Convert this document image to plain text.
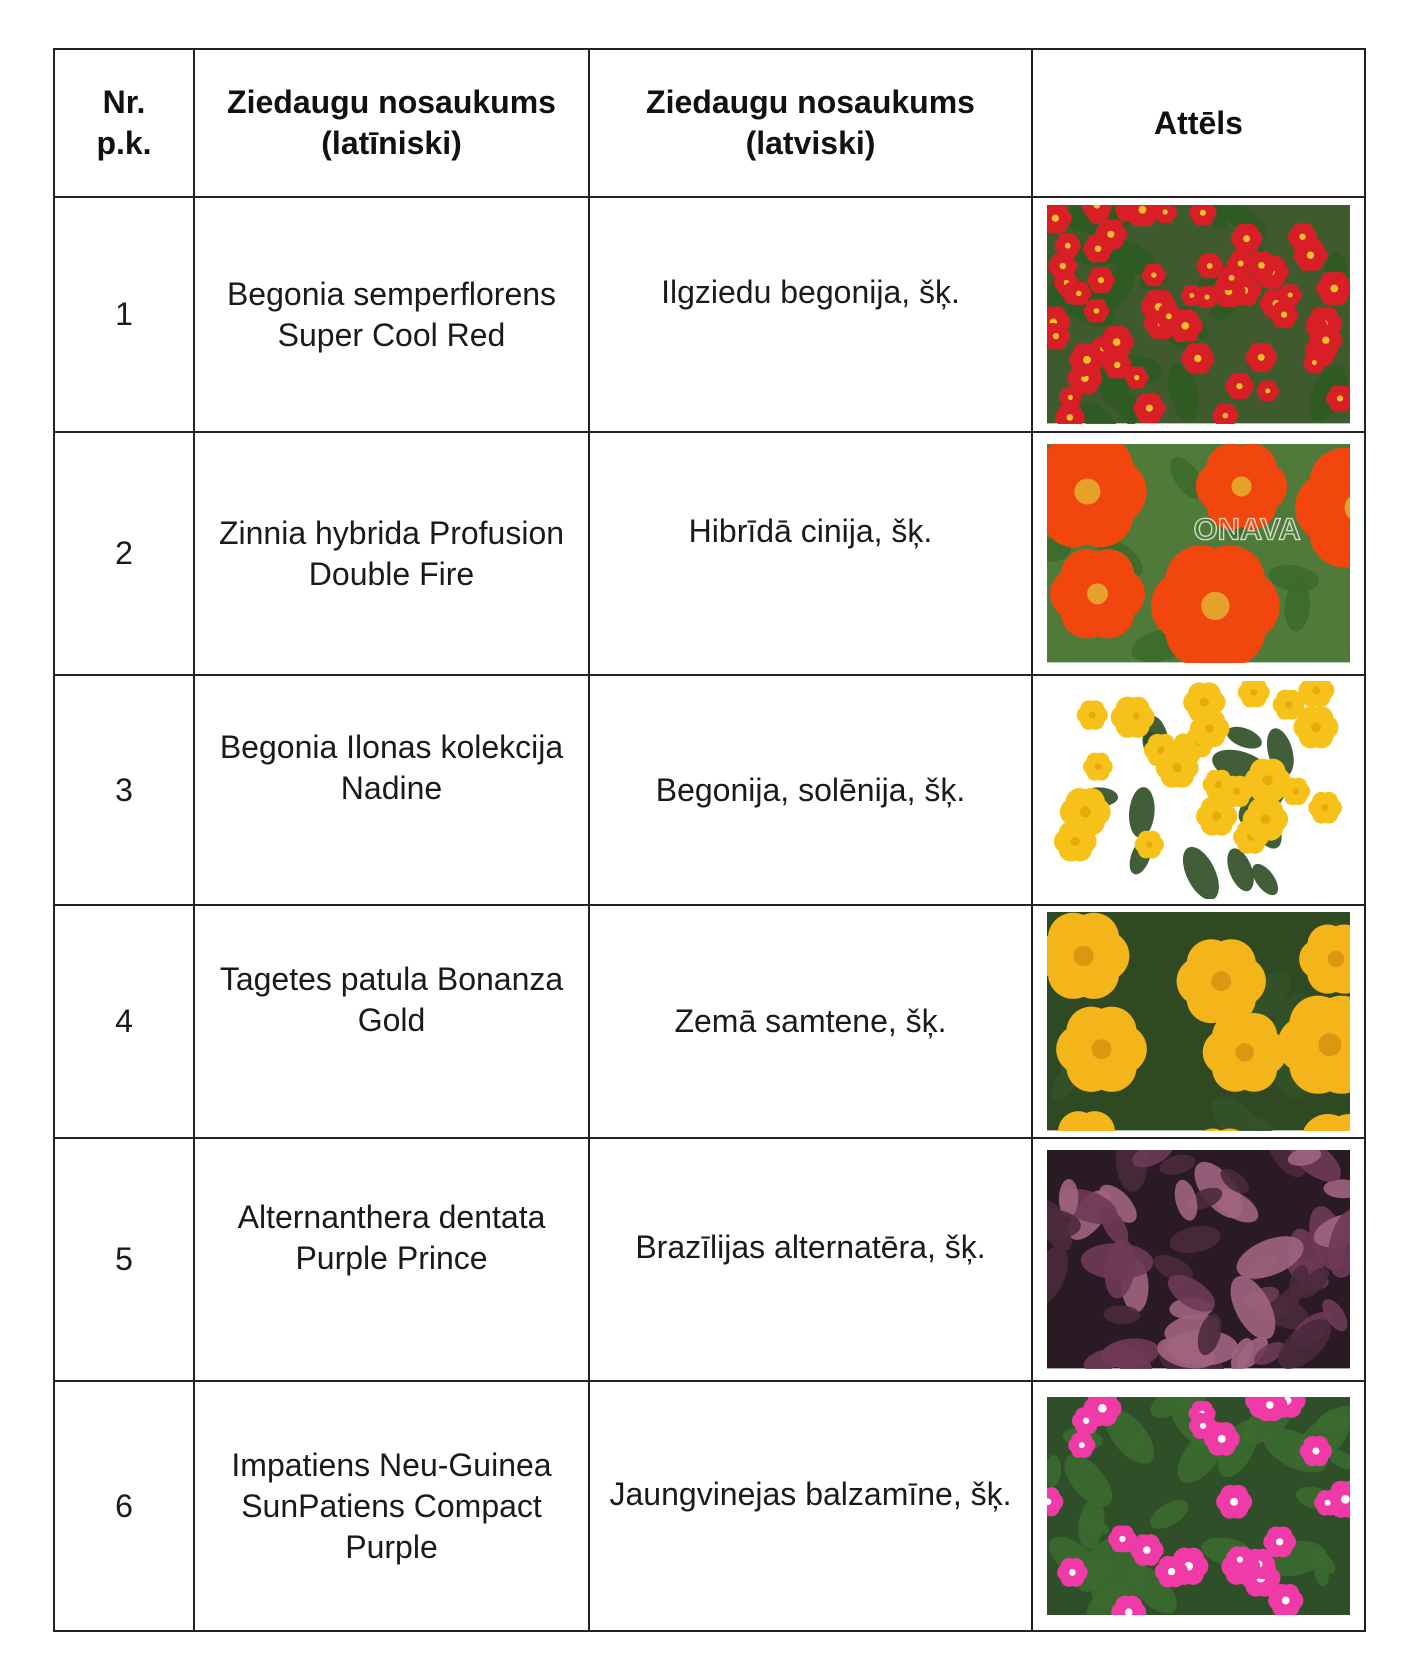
Nr. p.k.	Ziedaugu nosaukums (latīniski)	Ziedaugu nosaukums (latviski)	Attēls
1	Begonia semperflorens Super Cool Red	Ilgziedu begonija, šķ.

2	Zinnia hybrida Profusion Double Fire	Hibrīdā cinija, šķ.	ONAVA

3	Begonia Ilonas kolekcija Nadine	Begonija, solēnija, šķ.	

4	Tagetes patula Bonanza Gold	Zemā samtene, šķ.	

5	Alternanthera dentata Purple Prince	Brazīlijas alternatēra, šķ.

6	Impatiens Neu-Guinea SunPatiens Compact Purple	Jaungvinejas balzamīne, šķ.
